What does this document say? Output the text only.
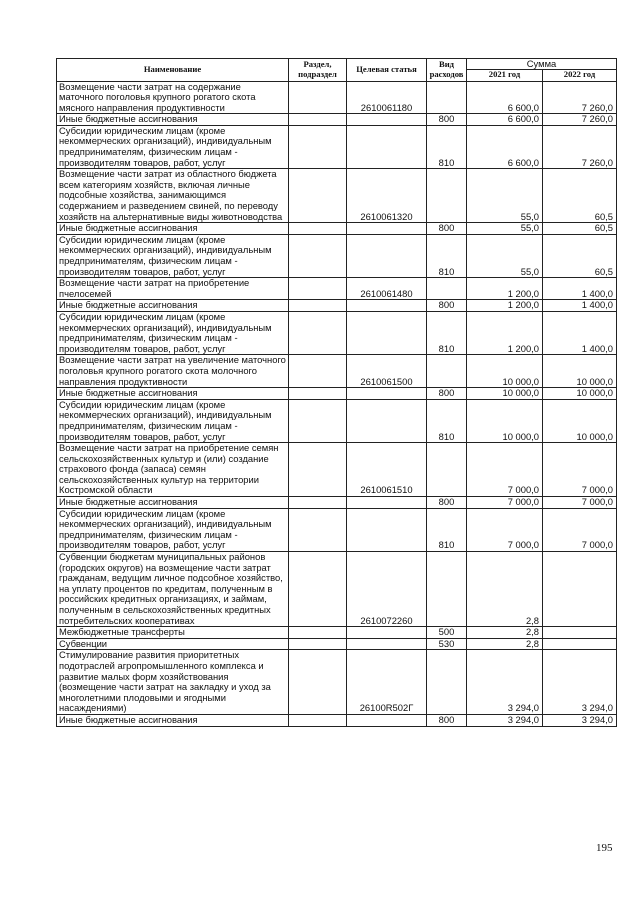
Наименование	Раздел, подраздел	Целевая статья	Вид расходов	Сумма	
				2021 год	2022 год
Возмещение части затрат на содержание маточного поголовья крупного рогатого скота мясного направления продуктивности		2610061180		6 600,0	7 260,0
Иные бюджетные ассигнования			800	6 600,0	7 260,0
Субсидии юридическим лицам (кроме некоммерческих организаций), индивидуальным предпринимателям, физическим лицам - производителям товаров, работ, услуг			810	6 600,0	7 260,0
Возмещение части затрат из областного бюджета всем категориям хозяйств, включая личные подсобные хозяйства, занимающимся содержанием и разведением свиней, по переводу хозяйств на альтернативные виды животноводства		2610061320		55,0	60,5
Иные бюджетные ассигнования			800	55,0	60,5
Субсидии юридическим лицам (кроме некоммерческих организаций), индивидуальным предпринимателям, физическим лицам - производителям товаров, работ, услуг			810	55,0	60,5
Возмещение части затрат на приобретение пчелосемей		2610061480		1 200,0	1 400,0
Иные бюджетные ассигнования			800	1 200,0	1 400,0
Субсидии юридическим лицам (кроме некоммерческих организаций), индивидуальным предпринимателям, физическим лицам - производителям товаров, работ, услуг			810	1 200,0	1 400,0
Возмещение части затрат на увеличение маточного поголовья крупного рогатого скота молочного направления продуктивности		2610061500		10 000,0	10 000,0
Иные бюджетные ассигнования			800	10 000,0	10 000,0
Субсидии юридическим лицам (кроме некоммерческих организаций), индивидуальным предпринимателям, физическим лицам - производителям товаров, работ, услуг			810	10 000,0	10 000,0
Возмещение части затрат на приобретение семян сельскохозяйственных культур и (или) создание страхового фонда (запаса) семян сельскохозяйственных культур на территории Костромской области		2610061510		7 000,0	7 000,0
Иные бюджетные ассигнования			800	7 000,0	7 000,0
Субсидии юридическим лицам (кроме некоммерческих организаций), индивидуальным предпринимателям, физическим лицам - производителям товаров, работ, услуг			810	7 000,0	7 000,0
Субвенции бюджетам муниципальных районов (городских округов) на возмещение части затрат гражданам, ведущим личное подсобное хозяйство, на уплату процентов по кредитам, полученным в российских кредитных организациях, и займам, полученным в сельскохозяйственных кредитных потребительских кооперативах		2610072260		2,8	
Межбюджетные трансферты			500	2,8	
Субвенции			530	2,8	
Стимулирование развития приоритетных подотраслей агропромышленного комплекса и развитие малых форм хозяйствования (возмещение части затрат на закладку и уход за многолетними плодовыми и ягодными насаждениями)		26100R502Г		3 294,0	3 294,0
Иные бюджетные ассигнования			800	3 294,0	3 294,0
195
